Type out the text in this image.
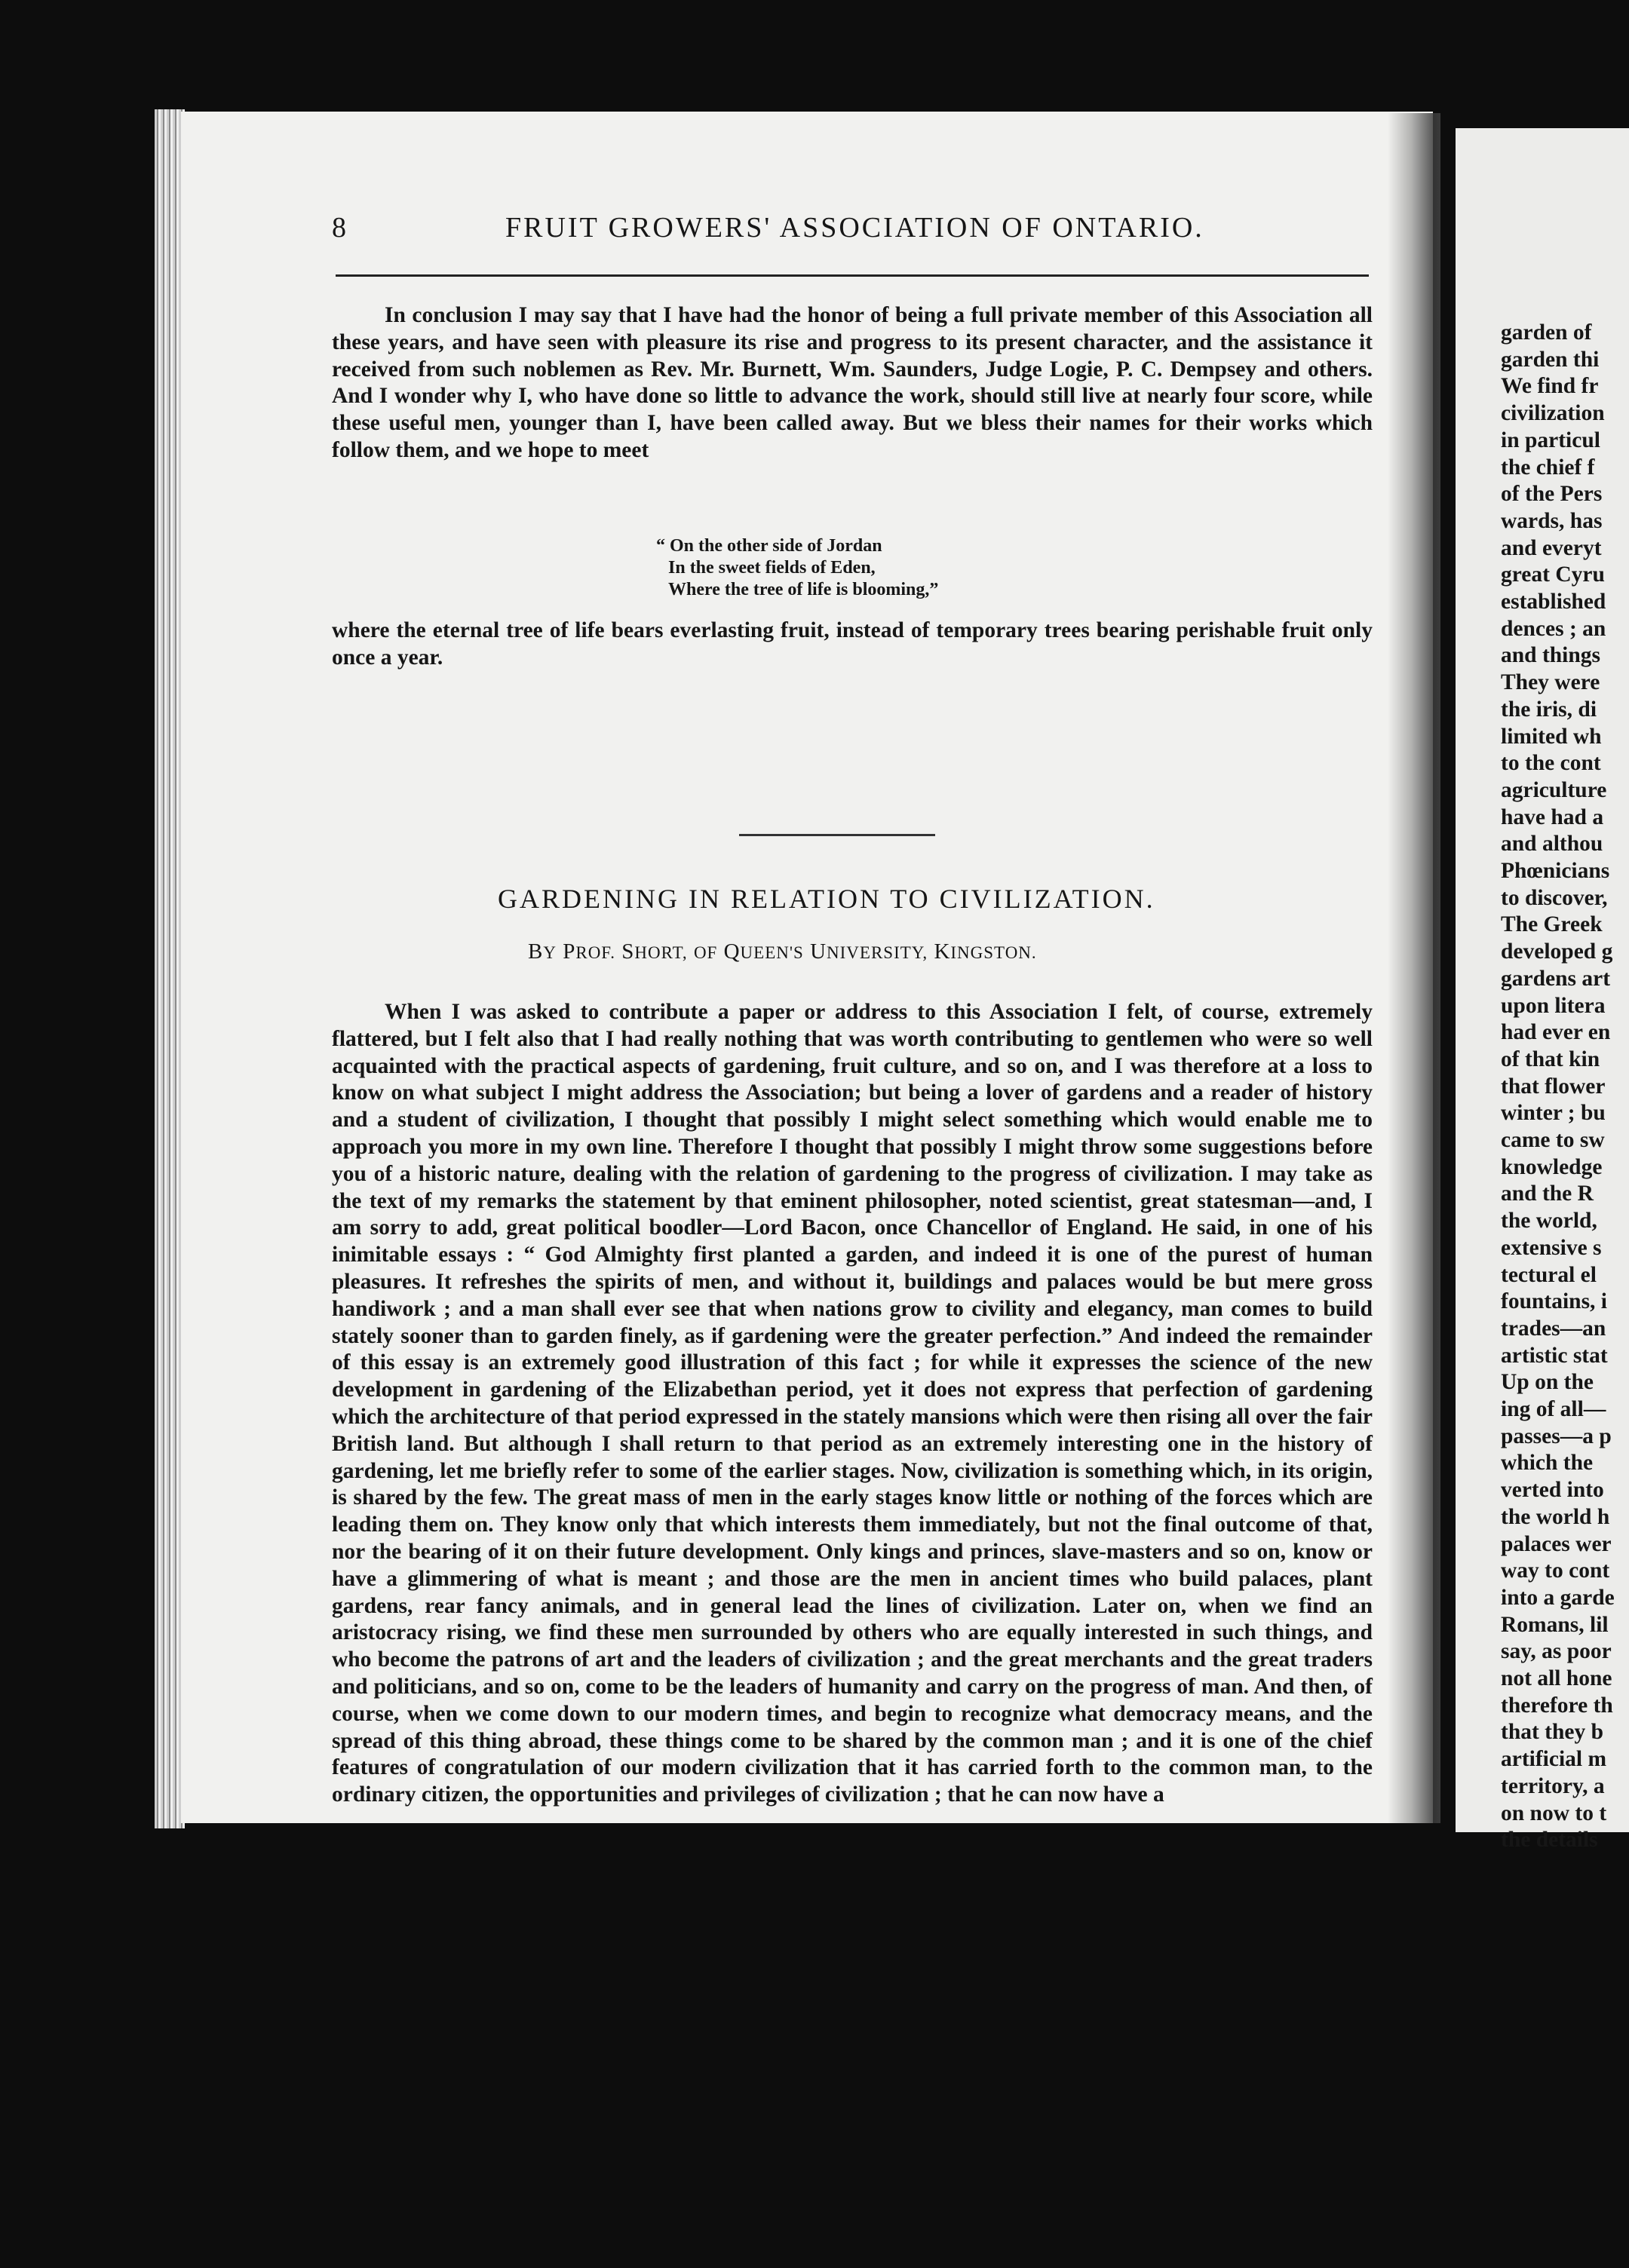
8	FRUIT GROWERS' ASSOCIATION OF ONTARIO.

In conclusion I may say that I have had the honor of being a full private member of this Association all these years, and have seen with pleasure its rise and progress to its present character, and the assistance it received from such noblemen as Rev. Mr. Burnett, Wm. Saunders, Judge Logie, P. C. Dempsey and others. And I wonder why I, who have done so little to advance the work, should still live at nearly four score, while these useful men, younger than I, have been called away. But we bless their names for their works which follow them, and we hope to meet

“ On the other side of Jordan
In the sweet fields of Eden,
Where the tree of life is blooming,”

where the eternal tree of life bears everlasting fruit, instead of temporary trees bearing perishable fruit only once a year.

GARDENING IN RELATION TO CIVILIZATION.
BY PROF. SHORT, OF QUEEN'S UNIVERSITY, KINGSTON.

When I was asked to contribute a paper or address to this Association I felt, of course, extremely flattered, but I felt also that I had really nothing that was worth contributing to gentlemen who were so well acquainted with the practical aspects of gardening, fruit culture, and so on, and I was therefore at a loss to know on what subject I might address the Association; but being a lover of gardens and a reader of history and a student of civilization, I thought that possibly I might select something which would enable me to approach you more in my own line. Therefore I thought that possibly I might throw some suggestions before you of a historic nature, dealing with the relation of gardening to the progress of civilization. I may take as the text of my remarks the statement by that eminent philosopher, noted scientist, great statesman—and, I am sorry to add, great political boodler—Lord Bacon, once Chancellor of England. He said, in one of his inimitable essays : “ God Almighty first planted a garden, and indeed it is one of the purest of human pleasures. It refreshes the spirits of men, and without it, buildings and palaces would be but mere gross handiwork ; and a man shall ever see that when nations grow to civility and elegancy, man comes to build stately sooner than to garden finely, as if gardening were the greater perfection.” And indeed the remainder of this essay is an extremely good illustration of this fact ; for while it expresses the science of the new development in gardening of the Elizabethan period, yet it does not express that perfection of gardening which the architecture of that period expressed in the stately mansions which were then rising all over the fair British land. But although I shall return to that period as an extremely interesting one in the history of gardening, let me briefly refer to some of the earlier stages. Now, civilization is something which, in its origin, is shared by the few. The great mass of men in the early stages know little or nothing of the forces which are leading them on. They know only that which interests them immediately, but not the final outcome of that, nor the bearing of it on their future development. Only kings and princes, slave-masters and so on, know or have a glimmering of what is meant ; and those are the men in ancient times who build palaces, plant gardens, rear fancy animals, and in general lead the lines of civilization. Later on, when we find an aristocracy rising, we find these men surrounded by others who are equally interested in such things, and who become the patrons of art and the leaders of civilization ; and the great merchants and the great traders and politicians, and so on, come to be the leaders of humanity and carry on the progress of man. And then, of course, when we come down to our modern times, and begin to recognize what democracy means, and the spread of this thing abroad, these things come to be shared by the common man ; and it is one of the chief features of congratulation of our modern civilization that it has carried forth to the common man, to the ordinary citizen, the opportunities and privileges of civilization ; that he can now have a

garden of
garden thi
We find fr
civilization
in particul
the chief f
of the Pers
wards, has
and everyt
great Cyru
established
dences ; an
and things
They were
the iris, di
limited wh
to the cont
agriculture
have had a
and althou
Phœnicians
to discover,
The Greek
developed g
gardens art
upon litera
had ever en
of that kin
that flower
winter ; bu
came to sw
knowledge
and the R
the world,
extensive s
tectural el
fountains, i
trades—an
artistic stat
Up on the
ing of all—
passes—a p
which the
verted into
the world h
palaces wer
way to cont
into a garde
Romans, lil
say, as poor
not all hone
therefore th
that they b
artificial m
territory, a
on now to t
the details
